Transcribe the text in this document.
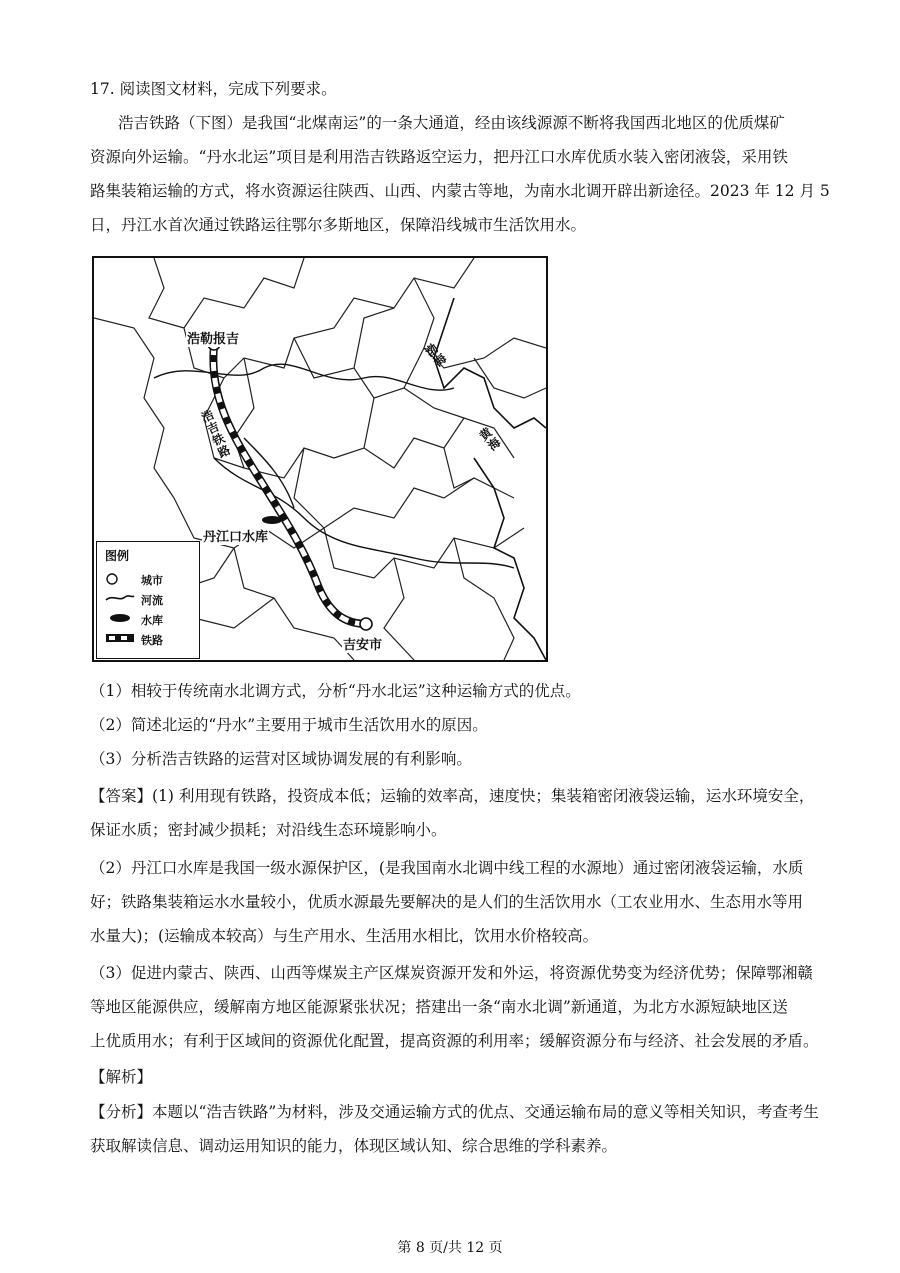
17. 阅读图文材料，完成下列要求。
浩吉铁路（下图）是我国“北煤南运”的一条大通道，经由该线源源不断将我国西北地区的优质煤矿
资源向外运输。“丹水北运”项目是利用浩吉铁路返空运力，把丹江口水库优质水装入密闭液袋，采用铁
路集装箱运输的方式，将水资源运往陕西、山西、内蒙古等地，为南水北调开辟出新途径。2023 年 12 月 5
日，丹江水首次通过铁路运往鄂尔多斯地区，保障沿线城市生活饮用水。
浩勒报吉
丹江口水库
吉安市
浩吉铁路
渤海
黄海
图例
城市
河流
水库
铁路
（1）相较于传统南水北调方式，分析“丹水北运”这种运输方式的优点。
（2）简述北运的“丹水”主要用于城市生活饮用水的原因。
（3）分析浩吉铁路的运营对区域协调发展的有利影响。
【答案】(1) 利用现有铁路，投资成本低；运输的效率高，速度快；集装箱密闭液袋运输，运水环境安全，
保证水质；密封减少损耗；对沿线生态环境影响小。
（2）丹江口水库是我国一级水源保护区，(是我国南水北调中线工程的水源地）通过密闭液袋运输，水质
好；铁路集装箱运水水量较小，优质水源最先要解决的是人们的生活饮用水（工农业用水、生态用水等用
水量大)；(运输成本较高）与生产用水、生活用水相比，饮用水价格较高。
（3）促进内蒙古、陕西、山西等煤炭主产区煤炭资源开发和外运，将资源优势变为经济优势；保障鄂湘赣
等地区能源供应，缓解南方地区能源紧张状况；搭建出一条“南水北调”新通道，为北方水源短缺地区送
上优质用水；有利于区域间的资源优化配置，提高资源的利用率；缓解资源分布与经济、社会发展的矛盾。
【解析】
【分析】本题以“浩吉铁路”为材料，涉及交通运输方式的优点、交通运输布局的意义等相关知识，考查考生
获取解读信息、调动运用知识的能力，体现区域认知、综合思维的学科素养。
第 8 页/共 12 页
